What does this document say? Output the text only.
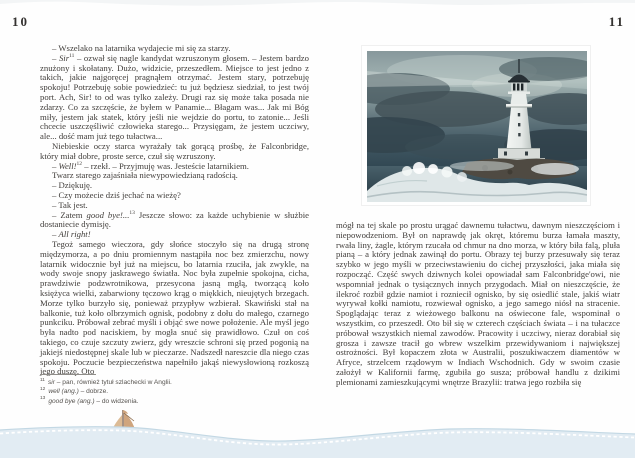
10	11

– Wszelako na latarnika wydajecie mi się za starzy.

– Sir$^{11}$ – ozwał się nagle kandydat wzruszonym głosem. – Jestem bardzo znużony i skołatany. Dużo, widzicie, przeszedłem. Miejsce to jest jedno z takich, jakie najgoręcej pragnąłem otrzymać. Jestem stary, potrzebuję spokoju! Potrzebuję sobie powiedzieć: tu już będziesz siedział, to jest twój port. Ach, Sir! to od was tylko zależy. Drugi raz się może taka posada nie zdarzy. Co za szczęście, że byłem w Panamie... Błagam was... Jak mi Bóg miły, jestem jak statek, który jeśli nie wejdzie do portu, to zatonie... Jeśli chcecie uszczęśliwić człowieka starego... Przysięgam, że jestem uczciwy, ale... dość mam już tego tułactwa...

Niebieskie oczy starca wyrażały tak gorącą prośbę, że Falconbridge, który miał dobre, proste serce, czuł się wzruszony.

– Well!$^{12}$ – rzekł. – Przyjmuję was. Jesteście latarnikiem.

Twarz starego zajaśniała niewypowiedzianą radością.

– Dziękuję.

– Czy możecie dziś jechać na wieżę?

– Tak jest.

– Zatem good bye!...$^{13}$ Jeszcze słowo: za każde uchybienie w służbie dostaniecie dymisję.

– All right!

Tegoż samego wieczora, gdy słońce stoczyło się na drugą stronę międzymorza, a po dniu promiennym nastąpiła noc bez zmierzchu, nowy latarnik widocznie był już na miejscu, bo latarnia rzuciła, jak zwykle, na wody swoje snopy jaskrawego światła. Noc była zupełnie spokojna, cicha, prawdziwie podzwrotnikowa, przesycona jasną mgłą, tworzącą koło księżyca wielki, zabarwiony tęczowo krąg o miękkich, nieujętych brzegach. Morze tylko burzyło się, ponieważ przypływ wzbierał. Skawiński stał na balkonie, tuż koło olbrzymich ognisk, podobny z dołu do małego, czarnego punkciku. Próbował zebrać myśli i objąć swe nowe położenie. Ale myśl jego była nadto pod naciskiem, by mogła snuć się prawidłowo. Czuł on coś takiego, co czuje szczuty zwierz, gdy wreszcie schroni się przed pogonią na jakiejś niedostępnej skale lub w pieczarze. Nadszedł nareszcie dla niego czas spokoju. Poczucie bezpieczeństwa napełniło jakąś niewysłowioną rozkoszą jego duszę. Oto

$^{11}$ sir – pan, również tytuł szlachecki w Anglii.
$^{12}$ well (ang.) – dobrze.
$^{13}$ good bye (ang.) – do widzenia.

mógł na tej skale po prostu urągać dawnemu tułactwu, dawnym nieszczęściom i niepowodzeniom. Był on naprawdę jak okręt, któremu burza łamała maszty, rwała liny, żagle, którym rzucała od chmur na dno morza, w który biła falą, pluła pianą – a który jednak zawinął do portu. Obrazy tej burzy przesuwały się teraz szybko w jego myśli w przeciwstawieniu do cichej przyszłości, jaka miała się rozpocząć. Część swych dziwnych kolei opowiadał sam Falconbridge'owi, nie wspomniał jednak o tysiącznych innych przygodach. Miał on nieszczęście, że ilekroć rozbił gdzie namiot i rozniecił ognisko, by się osiedlić stale, jakiś wiatr wyrywał kołki namiotu, rozwiewał ognisko, a jego samego niósł na stracenie. Spoglądając teraz z wieżowego balkonu na oświecone fale, wspominał o wszystkim, co przeszedł. Oto bił się w czterech częściach świata – i na tułaczce próbował wszystkich niemal zawodów. Pracowity i uczciwy, nieraz dorabiał się grosza i zawsze tracił go wbrew wszelkim przewidywaniom i największej ostrożności. Był kopaczem złota w Australii, poszukiwaczem diamentów w Afryce, strzelcem rządowym w Indiach Wschodnich. Gdy w swoim czasie założył w Kalifornii farmę, zgubiła go susza; próbował handlu z dzikimi plemionami zamieszkującymi wnętrze Brazylii: tratwa jego rozbiła się
